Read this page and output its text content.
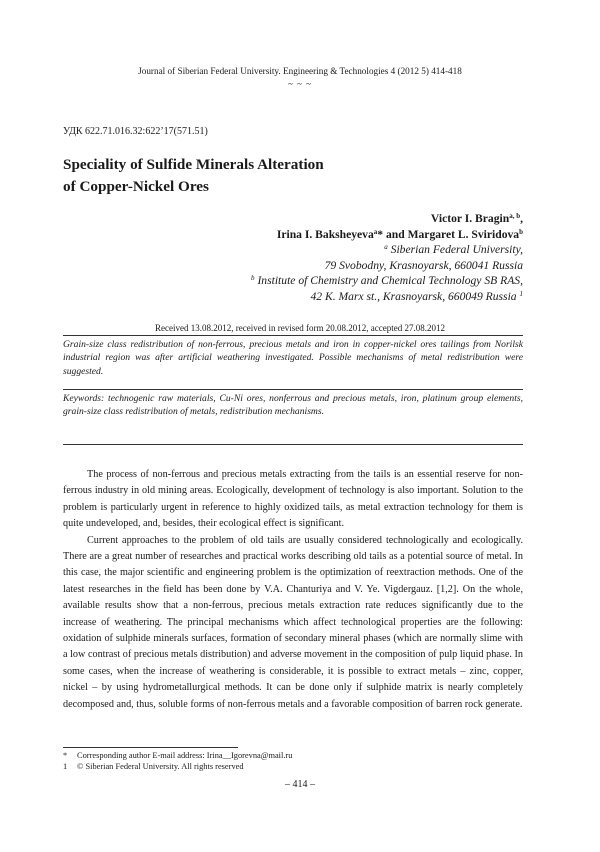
Journal of Siberian Federal University. Engineering & Technologies 4 (2012 5) 414-418
~ ~ ~
УДК 622.71.016.32:622’17(571.51)
Speciality of Sulfide Minerals Alteration
of Copper-Nickel Ores
Victor I. Bragin$^{a, b}$,
Irina I. Baksheyeva$^a$* and Margaret L. Sviridova$^b$
$^a$ Siberian Federal University,
79 Svobodny, Krasnoyarsk, 660041 Russia
$^b$ Institute of Chemistry and Chemical Technology SB RAS,
42 K. Marx st., Krasnoyarsk, 660049 Russia $^1$
Received 13.08.2012, received in revised form 20.08.2012, accepted 27.08.2012
Grain-size class redistribution of non-ferrous, precious metals and iron in copper-nickel ores tailings from Norilsk industrial region was after artificial weathering investigated. Possible mechanisms of metal redistribution were suggested.
Keywords: technogenic raw materials, Cu-Ni ores, nonferrous and precious metals, iron, platinum group elements, grain-size class redistribution of metals, redistribution mechanisms.

The process of non-ferrous and precious metals extracting from the tails is an essential reserve for non-ferrous industry in old mining areas. Ecologically, development of technology is also important. Solution to the problem is particularly urgent in reference to highly oxidized tails, as metal extraction technology for them is quite undeveloped, and, besides, their ecological effect is significant.

Current approaches to the problem of old tails are usually considered technologically and ecologically. There are a great number of researches and practical works describing old tails as a potential source of metal. In this case, the major scientific and engineering problem is the optimization of reextraction methods. One of the latest researches in the field has been done by V.A. Chanturiya and V. Ye. Vigdergauz. [1,2]. On the whole, available results show that a non-ferrous, precious metals extraction rate reduces significantly due to the increase of weathering. The principal mechanisms which affect technological properties are the following: oxidation of sulphide minerals surfaces, formation of secondary mineral phases (which are normally slime with a low contrast of precious metals distribution) and adverse movement in the composition of pulp liquid phase. In some cases, when the increase of weathering is considerable, it is possible to extract metals – zinc, copper, nickel – by using hydrometallurgical methods. It can be done only if sulphide matrix is nearly completely decomposed and, thus, soluble forms of non-ferrous metals and a favorable composition of barren rock generate.

* Corresponding author E-mail address: Irina__Igorevna@mail.ru
1 © Siberian Federal University. All rights reserved
– 414 –
